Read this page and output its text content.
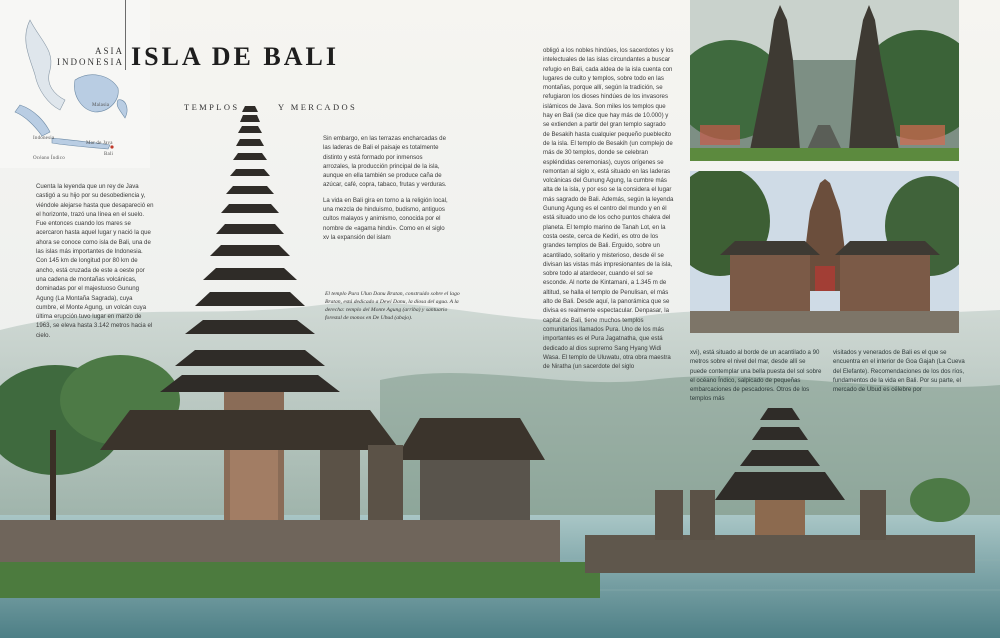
Malasia
Indonesia
Mar de Java
Océano Índico
Bali
ASIA
INDONESIA ISLA DE BALI
TEMPLOS	Y MERCADOS

Cuenta la leyenda que un rey de Java castigó a su hijo por su desobediencia y, viéndole alejarse hasta que desapareció en el horizonte, trazó una línea en el suelo. Fue entonces cuando los mares se acercaron hasta aquel lugar y nació la que ahora se conoce como isla de Bali, una de las islas más importantes de Indonesia. Con 145 km de longitud por 80 km de ancho, está cruzada de este a oeste por una cadena de montañas volcánicas, dominadas por el majestuoso Gunung Agung (La Montaña Sagrada), cuya cumbre, el Monte Agung, un volcán cuya última erupción tuvo lugar en marzo de 1963, se eleva hasta 3.142 metros hacia el cielo.

Sin embargo, en las terrazas encharcadas de las laderas de Bali el paisaje es totalmente distinto y está formado por inmensos arrozales, la producción principal de la isla, aunque en ella también se produce caña de azúcar, café, copra, tabaco, frutas y verduras.

La vida en Bali gira en torno a la religión local, una mezcla de hinduismo, budismo, antiguos cultos malayos y animismo, conocida por el nombre de «agama hindú». Como en el siglo xv la expansión del islam

El templo Pura Ulun Danu Bratan, construido sobre el lago Bratan, está dedicado a Dewi Danu, la diosa del agua. A la derecha: templo del Monte Agung (arriba) y santuario forestal de monos en De Ubud (abajo).

obligó a los nobles hindúes, los sacerdotes y los intelectuales de las islas circundantes a buscar refugio en Bali, cada aldea de la isla cuenta con lugares de culto y templos, sobre todo en las montañas, porque allí, según la tradición, se refugiaron los dioses hindúes de los invasores islámicos de Java. Son miles los templos que hay en Bali (se dice que hay más de 10.000) y se extienden a partir del gran templo sagrado de Besakih hasta cualquier pequeño pueblecito de la isla. El templo de Besakih (un complejo de más de 30 templos, donde se celebran espléndidas ceremonias), cuyos orígenes se remontan al siglo x, está situado en las laderas volcánicas del Gunung Agung, la cumbre más alta de la isla, y por eso se la considera el lugar más sagrado de Bali. Además, según la leyenda Gunung Agung es el centro del mundo y en él está situado uno de los ocho puntos chakra del planeta. El templo marino de Tanah Lot, en la costa oeste, cerca de Kediri, es otro de los grandes templos de Bali. Erguido, sobre un acantilado, solitario y misterioso, desde él se divisan las vistas más impresionantes de la isla, sobre todo al atardecer, cuando el sol se esconde. Al norte de Kintamani, a 1.345 m de altitud, se halla el templo de Penulisan, el más alto de Bali. Desde aquí, la panorámica que se divisa es realmente espectacular. Denpasar, la capital de Bali, tiene muchos templos comunitarios llamados Pura. Uno de los más importantes es el Pura Jagatnatha, que está dedicado al dios supremo Sang Hyang Widi Wasa. El templo de Uluwatu, otra obra maestra de Niratha (un sacerdote del siglo

xvi), está situado al borde de un acantilado a 90 metros sobre el nivel del mar, desde allí se puede contemplar una bella puesta del sol sobre el océano Índico, salpicado de pequeñas embarcaciones de pescadores. Otros de los templos más

visitados y venerados de Bali es el que se encuentra en el interior de Goa Gajah (La Cueva del Elefante). Recomendaciones de los dos ríos, fundamentos de la vida en Bali. Por su parte, el mercado de Ubud es célebre por
